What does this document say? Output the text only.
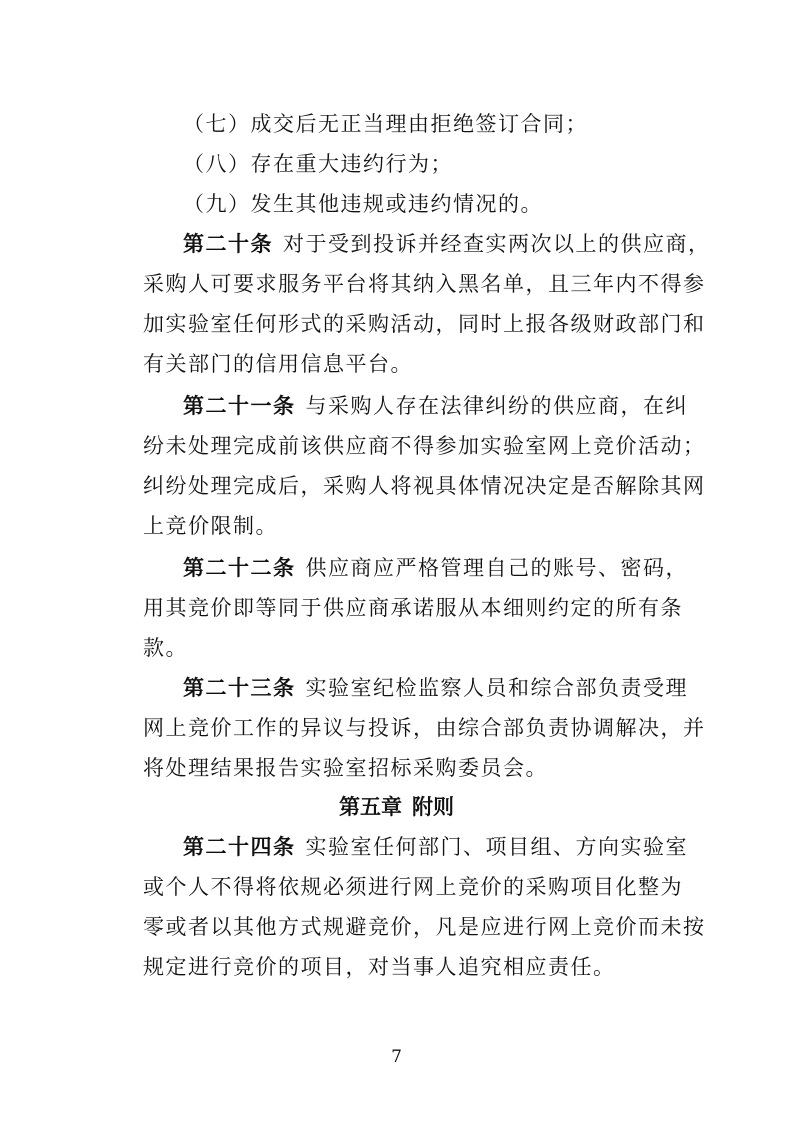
（七）成交后无正当理由拒绝签订合同；
（八）存在重大违约行为；
（九）发生其他违规或违约情况的。
第二十条 对于受到投诉并经查实两次以上的供应商，
采购人可要求服务平台将其纳入黑名单，且三年内不得参
加实验室任何形式的采购活动，同时上报各级财政部门和
有关部门的信用信息平台。
第二十一条 与采购人存在法律纠纷的供应商，在纠
纷未处理完成前该供应商不得参加实验室网上竞价活动；
纠纷处理完成后，采购人将视具体情况决定是否解除其网
上竞价限制。
第二十二条 供应商应严格管理自己的账号、密码，
用其竞价即等同于供应商承诺服从本细则约定的所有条
款。
第二十三条 实验室纪检监察人员和综合部负责受理
网上竞价工作的异议与投诉，由综合部负责协调解决，并
将处理结果报告实验室招标采购委员会。
第五章 附则
第二十四条 实验室任何部门、项目组、方向实验室
或个人不得将依规必须进行网上竞价的采购项目化整为
零或者以其他方式规避竞价，凡是应进行网上竞价而未按
规定进行竞价的项目，对当事人追究相应责任。
7
